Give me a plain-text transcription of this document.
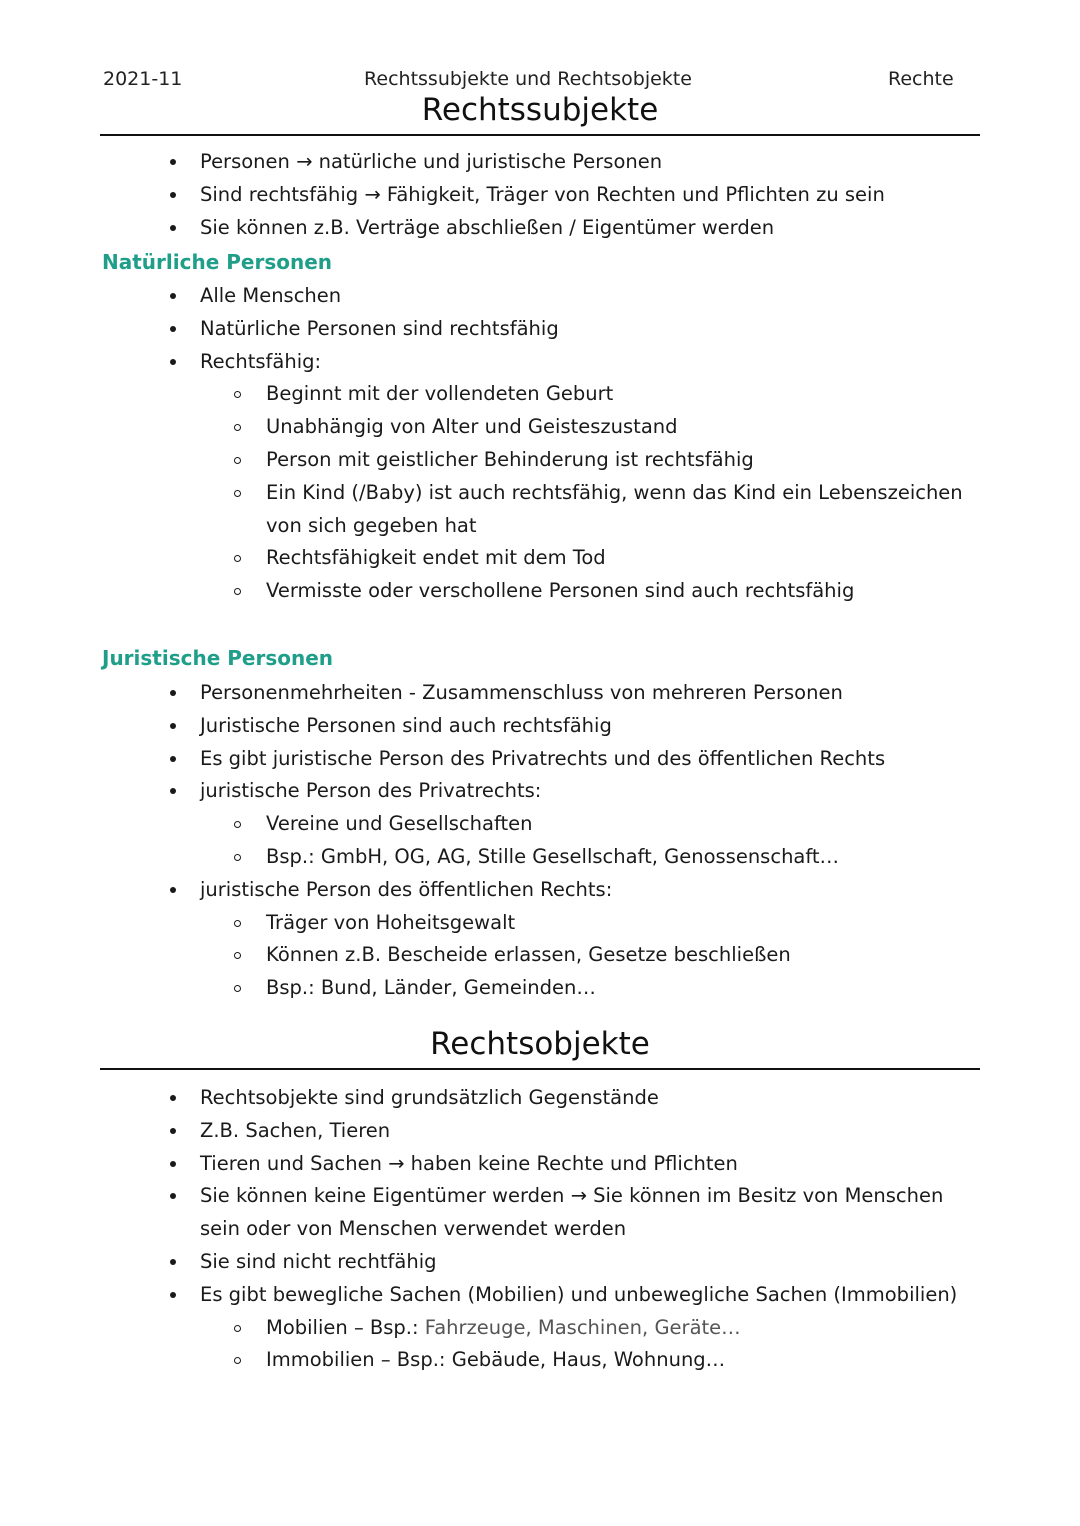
2021-11	Rechtssubjekte und Rechtsobjekte	Rechte
Rechtssubjekte
Personen → natürliche und juristische Personen
Sind rechtsfähig → Fähigkeit, Träger von Rechten und Pflichten zu sein
Sie können z.B. Verträge abschließen / Eigentümer werden
Natürliche Personen
Alle Menschen
Natürliche Personen sind rechtsfähig
Rechtsfähig:
Beginnt mit der vollendeten Geburt
Unabhängig von Alter und Geisteszustand
Person mit geistlicher Behinderung ist rechtsfähig
Ein Kind (/Baby) ist auch rechtsfähig, wenn das Kind ein Lebenszeichen von sich gegeben hat
Rechtsfähigkeit endet mit dem Tod
Vermisste oder verschollene Personen sind auch rechtsfähig
Juristische Personen
Personenmehrheiten - Zusammenschluss von mehreren Personen
Juristische Personen sind auch rechtsfähig
Es gibt juristische Person des Privatrechts und des öffentlichen Rechts
juristische Person des Privatrechts:
Vereine und Gesellschaften
Bsp.: GmbH, OG, AG, Stille Gesellschaft, Genossenschaft…
juristische Person des öffentlichen Rechts:
Träger von Hoheitsgewalt
Können z.B. Bescheide erlassen, Gesetze beschließen
Bsp.: Bund, Länder, Gemeinden…
Rechtsobjekte
Rechtsobjekte sind grundsätzlich Gegenstände
Z.B. Sachen, Tieren
Tieren und Sachen → haben keine Rechte und Pflichten
Sie können keine Eigentümer werden → Sie können im Besitz von Menschen sein oder von Menschen verwendet werden
Sie sind nicht rechtfähig
Es gibt bewegliche Sachen (Mobilien) und unbewegliche Sachen (Immobilien)
Mobilien – Bsp.: Fahrzeuge, Maschinen, Geräte…
Immobilien – Bsp.: Gebäude, Haus, Wohnung…
